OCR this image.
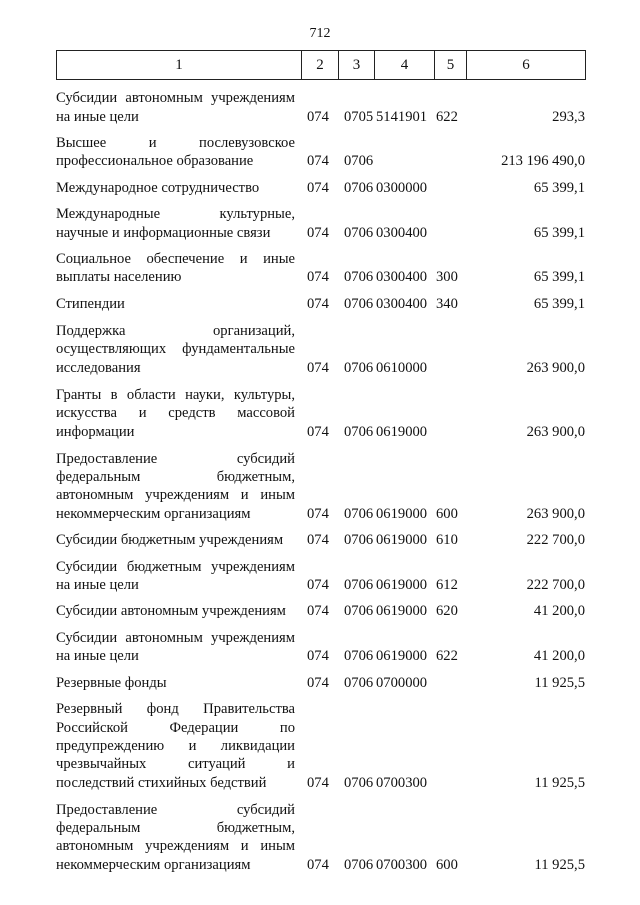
712
1	2	3	4	5	6
Субсидии автономным учреждениям на иные цели	074	0705	5141901	622	293,3
Высшее и послевузовское профессиональное образование	074	0706			213 196 490,0
Международное сотрудничество	074	0706	0300000		65 399,1
Международные культурные, научные и информационные связи	074	0706	0300400		65 399,1
Социальное обеспечение и иные выплаты населению	074	0706	0300400	300	65 399,1
Стипендии	074	0706	0300400	340	65 399,1
Поддержка организаций, осуществляющих фундаментальные исследования	074	0706	0610000		263 900,0
Гранты в области науки, культуры, искусства и средств массовой информации	074	0706	0619000		263 900,0
Предоставление субсидий федеральным бюджетным, автономным учреждениям и иным некоммерческим организациям	074	0706	0619000	600	263 900,0
Субсидии бюджетным учреждениям	074	0706	0619000	610	222 700,0
Субсидии бюджетным учреждениям на иные цели	074	0706	0619000	612	222 700,0
Субсидии автономным учреждениям	074	0706	0619000	620	41 200,0
Субсидии автономным учреждениям на иные цели	074	0706	0619000	622	41 200,0
Резервные фонды	074	0706	0700000		11 925,5
Резервный фонд Правительства Российской Федерации по предупреждению и ликвидации чрезвычайных ситуаций и последствий стихийных бедствий	074	0706	0700300		11 925,5
Предоставление субсидий федеральным бюджетным, автономным учреждениям и иным некоммерческим организациям	074	0706	0700300	600	11 925,5
